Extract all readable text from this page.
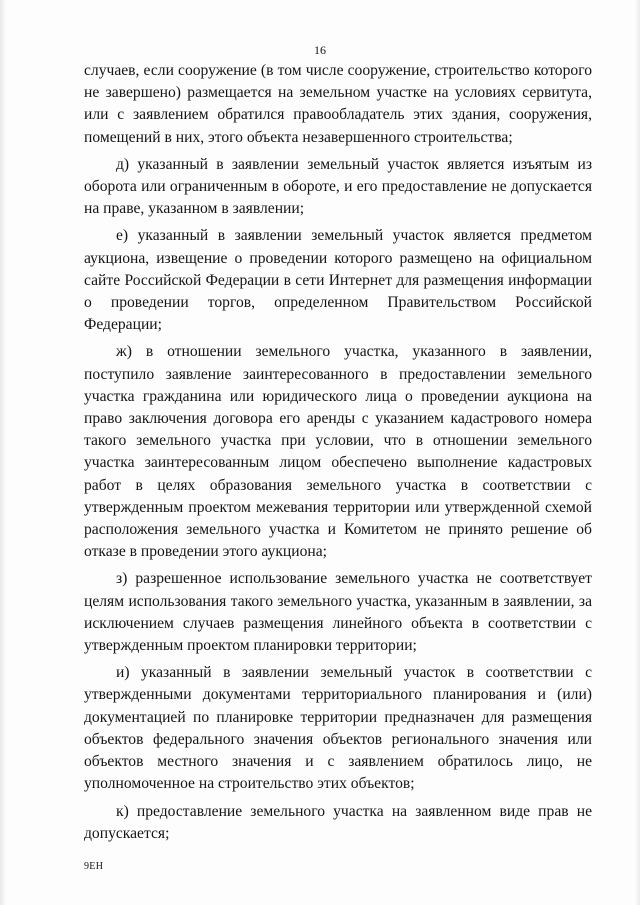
16

случаев, если сооружение (в том числе сооружение, строительство которого не завершено) размещается на земельном участке на условиях сервитута, или с заявлением обратился правообладатель этих здания, сооружения, помещений в них, этого объекта незавершенного строительства;

д) указанный в заявлении земельный участок является изъятым из оборота или ограниченным в обороте, и его предоставление не допускается на праве, указанном в заявлении;

е) указанный в заявлении земельный участок является предметом аукциона, извещение о проведении которого размещено на официальном сайте Российской Федерации в сети Интернет для размещения информации о проведении торгов, определенном Правительством Российской Федерации;

ж) в отношении земельного участка, указанного в заявлении, поступило заявление заинтересованного в предоставлении земельного участка гражданина или юридического лица о проведении аукциона на право заключения договора его аренды с указанием кадастрового номера такого земельного участка при условии, что в отношении земельного участка заинтересованным лицом обеспечено выполнение кадастровых работ в целях образования земельного участка в соответствии с утвержденным проектом межевания территории или утвержденной схемой расположения земельного участка и Комитетом не принято решение об отказе в проведении этого аукциона;

з) разрешенное использование земельного участка не соответствует целям использования такого земельного участка, указанным в заявлении, за исключением случаев размещения линейного объекта в соответствии с утвержденным проектом планировки территории;

и) указанный в заявлении земельный участок в соответствии с утвержденными документами территориального планирования и (или) документацией по планировке территории предназначен для размещения объектов федерального значения объектов регионального значения или объектов местного значения и с заявлением обратилось лицо, не уполномоченное на строительство этих объектов;

к) предоставление земельного участка на заявленном виде прав не допускается;

9ЕН
